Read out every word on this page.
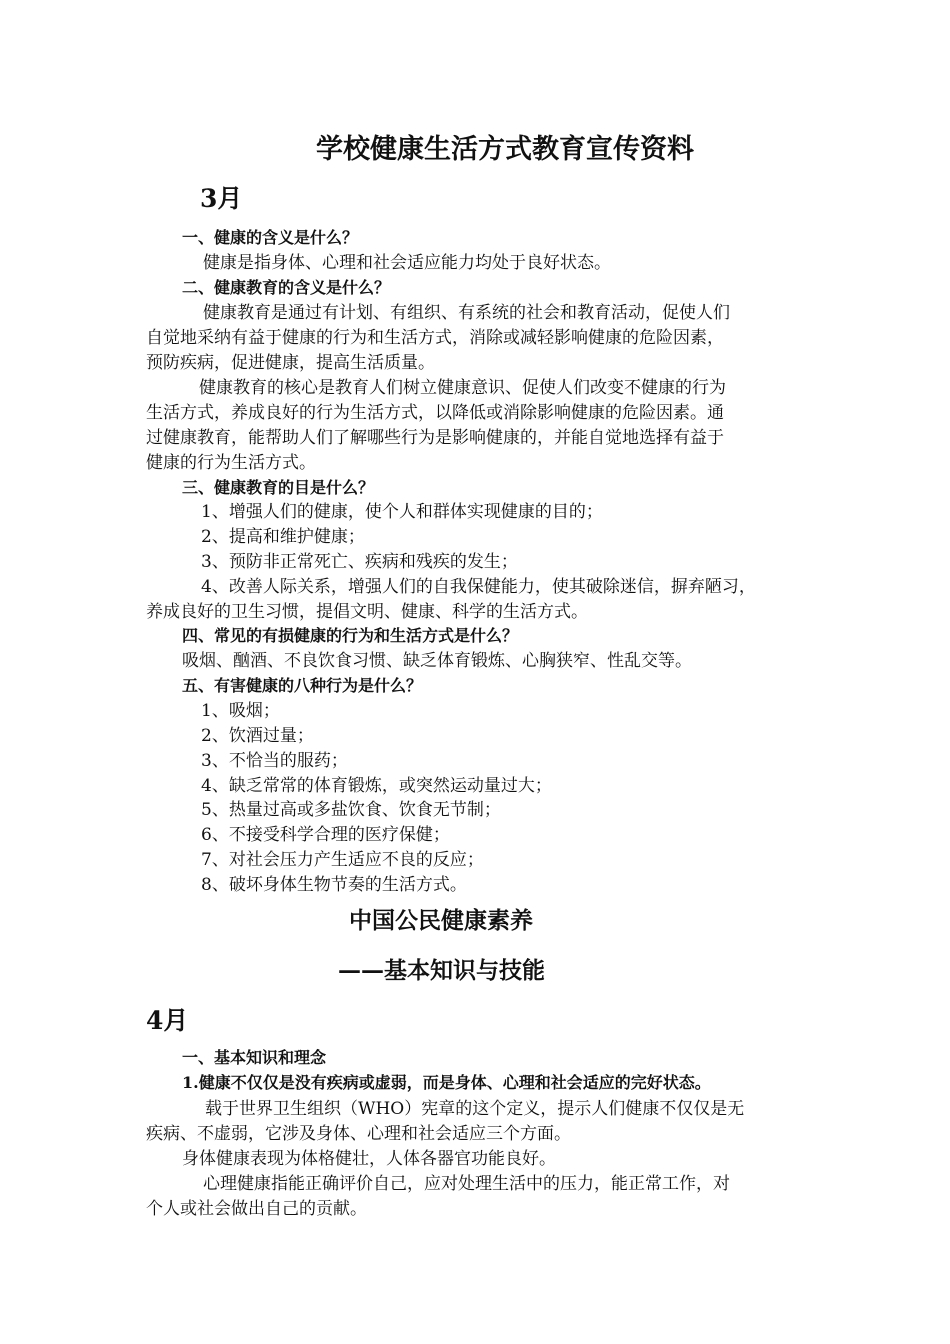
学校健康生活方式教育宣传资料
3月
一、健康的含义是什么？
健康是指身体、心理和社会适应能力均处于良好状态。
二、健康教育的含义是什么？
健康教育是通过有计划、有组织、有系统的社会和教育活动，促使人们
自觉地采纳有益于健康的行为和生活方式，消除或减轻影响健康的危险因素，
预防疾病，促进健康，提高生活质量。
健康教育的核心是教育人们树立健康意识、促使人们改变不健康的行为
生活方式，养成良好的行为生活方式，以降低或消除影响健康的危险因素。通
过健康教育，能帮助人们了解哪些行为是影响健康的，并能自觉地选择有益于
健康的行为生活方式。
三、健康教育的目是什么？
1、增强人们的健康，使个人和群体实现健康的目的；
2、提高和维护健康；
3、预防非正常死亡、疾病和残疾的发生；
4、改善人际关系，增强人们的自我保健能力，使其破除迷信，摒弃陋习，
养成良好的卫生习惯，提倡文明、健康、科学的生活方式。
四、常见的有损健康的行为和生活方式是什么？
吸烟、酗酒、不良饮食习惯、缺乏体育锻炼、心胸狭窄、性乱交等。
五、有害健康的八种行为是什么？
1、吸烟；
2、饮酒过量；
3、不恰当的服药；
4、缺乏常常的体育锻炼，或突然运动量过大；
5、热量过高或多盐饮食、饮食无节制；
6、不接受科学合理的医疗保健；
7、对社会压力产生适应不良的反应；
8、破坏身体生物节奏的生活方式。
中国公民健康素养
——基本知识与技能
4月
一、基本知识和理念
1.健康不仅仅是没有疾病或虚弱，而是身体、心理和社会适应的完好状态。
载于世界卫生组织（WHO）宪章的这个定义，提示人们健康不仅仅是无
疾病、不虚弱，它涉及身体、心理和社会适应三个方面。
身体健康表现为体格健壮，人体各器官功能良好。
心理健康指能正确评价自己，应对处理生活中的压力，能正常工作，对
个人或社会做出自己的贡献。
